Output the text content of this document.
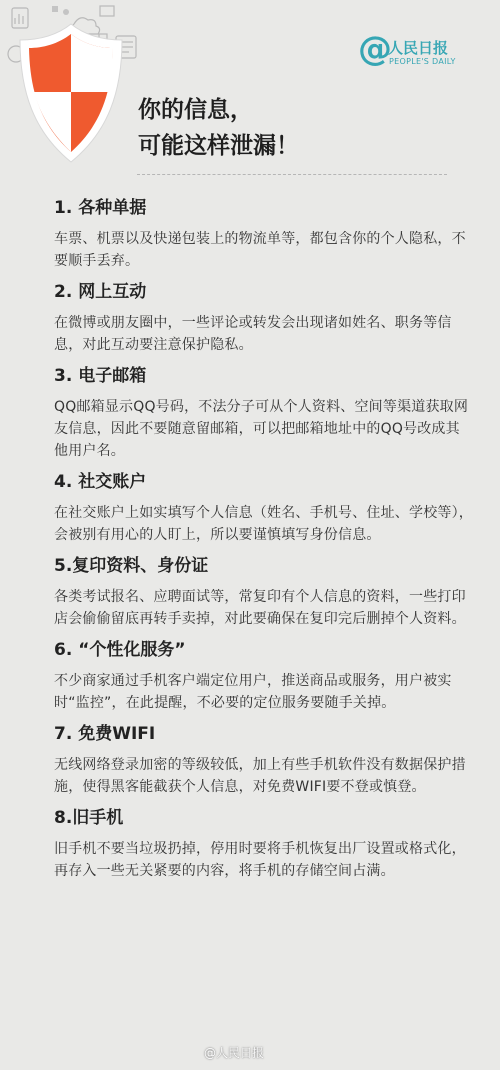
@
人民日报
PEOPLE'S DAILY
你的信息，
可能这样泄漏！

1. 各种单据

车票、机票以及快递包装上的物流单等，都包含你的个人隐私，不要顺手丢弃。

2. 网上互动

在微博或朋友圈中，一些评论或转发会出现诸如姓名、职务等信息，对此互动要注意保护隐私。

3. 电子邮箱

QQ邮箱显示QQ号码，不法分子可从个人资料、空间等渠道获取网友信息，因此不要随意留邮箱，可以把邮箱地址中的QQ号改成其他用户名。

4. 社交账户

在社交账户上如实填写个人信息（姓名、手机号、住址、学校等），会被别有用心的人盯上，所以要谨慎填写身份信息。

5.复印资料、身份证

各类考试报名、应聘面试等，常复印有个人信息的资料，一些打印店会偷偷留底再转手卖掉，对此要确保在复印完后删掉个人资料。

6. “个性化服务”

不少商家通过手机客户端定位用户，推送商品或服务，用户被实时“监控”，在此提醒，不必要的定位服务要随手关掉。

7. 免费WIFI

无线网络登录加密的等级较低，加上有些手机软件没有数据保护措施，使得黑客能截获个人信息，对免费WIFI要不登或慎登。

8.旧手机

旧手机不要当垃圾扔掉，停用时要将手机恢复出厂设置或格式化，再存入一些无关紧要的内容，将手机的存储空间占满。

@人民日报
